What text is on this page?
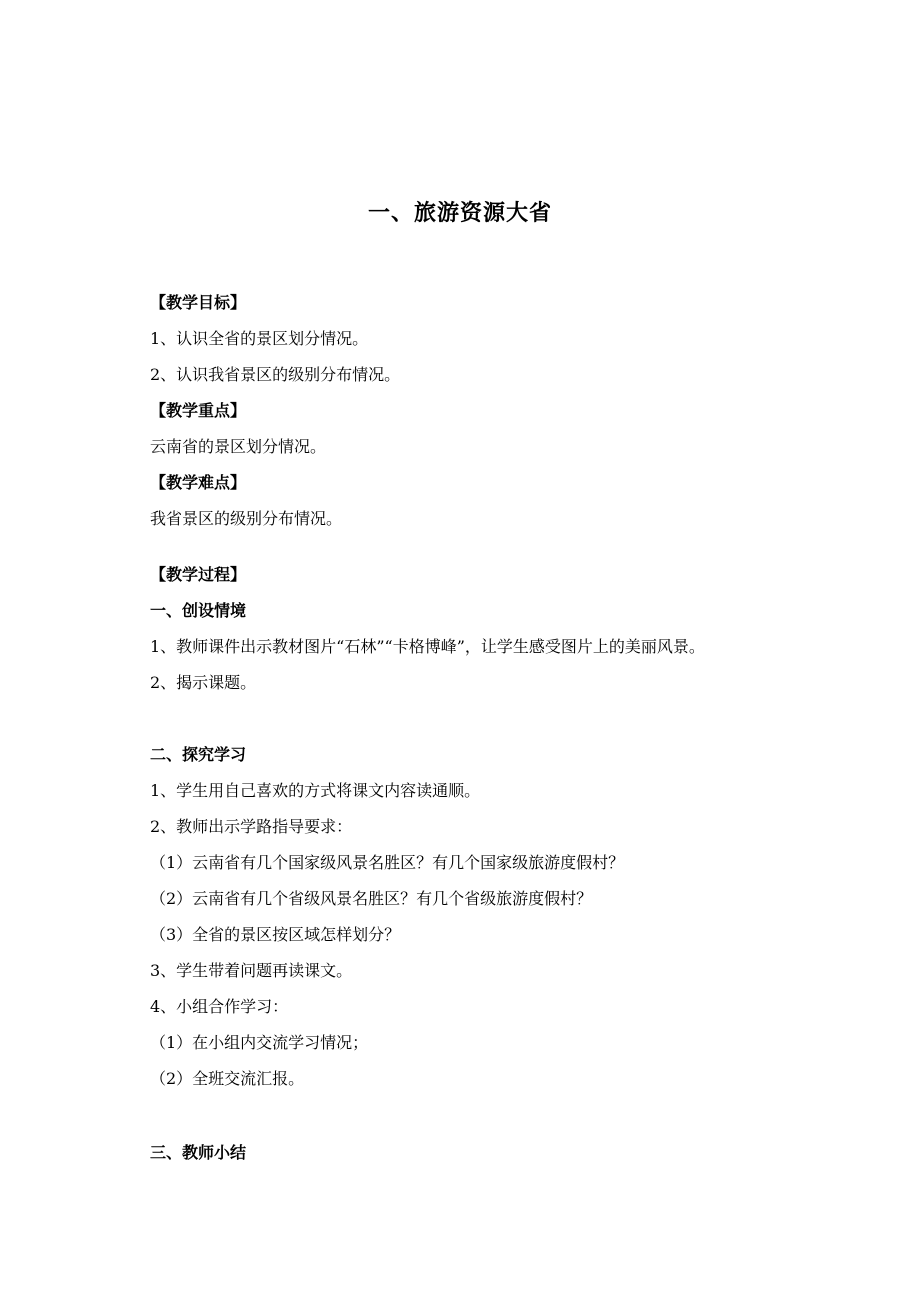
一、旅游资源大省
【教学目标】
1、认识全省的景区划分情况。
2、认识我省景区的级别分布情况。
【教学重点】
云南省的景区划分情况。
【教学难点】
我省景区的级别分布情况。
【教学过程】
一、创设情境
1、教师课件出示教材图片“石林”“卡格博峰”，让学生感受图片上的美丽风景。
2、揭示课题。
二、探究学习
1、学生用自己喜欢的方式将课文内容读通顺。
2、教师出示学路指导要求：
（1）云南省有几个国家级风景名胜区？有几个国家级旅游度假村？
（2）云南省有几个省级风景名胜区？有几个省级旅游度假村？
（3）全省的景区按区域怎样划分？
3、学生带着问题再读课文。
4、小组合作学习：
（1）在小组内交流学习情况；
（2）全班交流汇报。
三、教师小结
